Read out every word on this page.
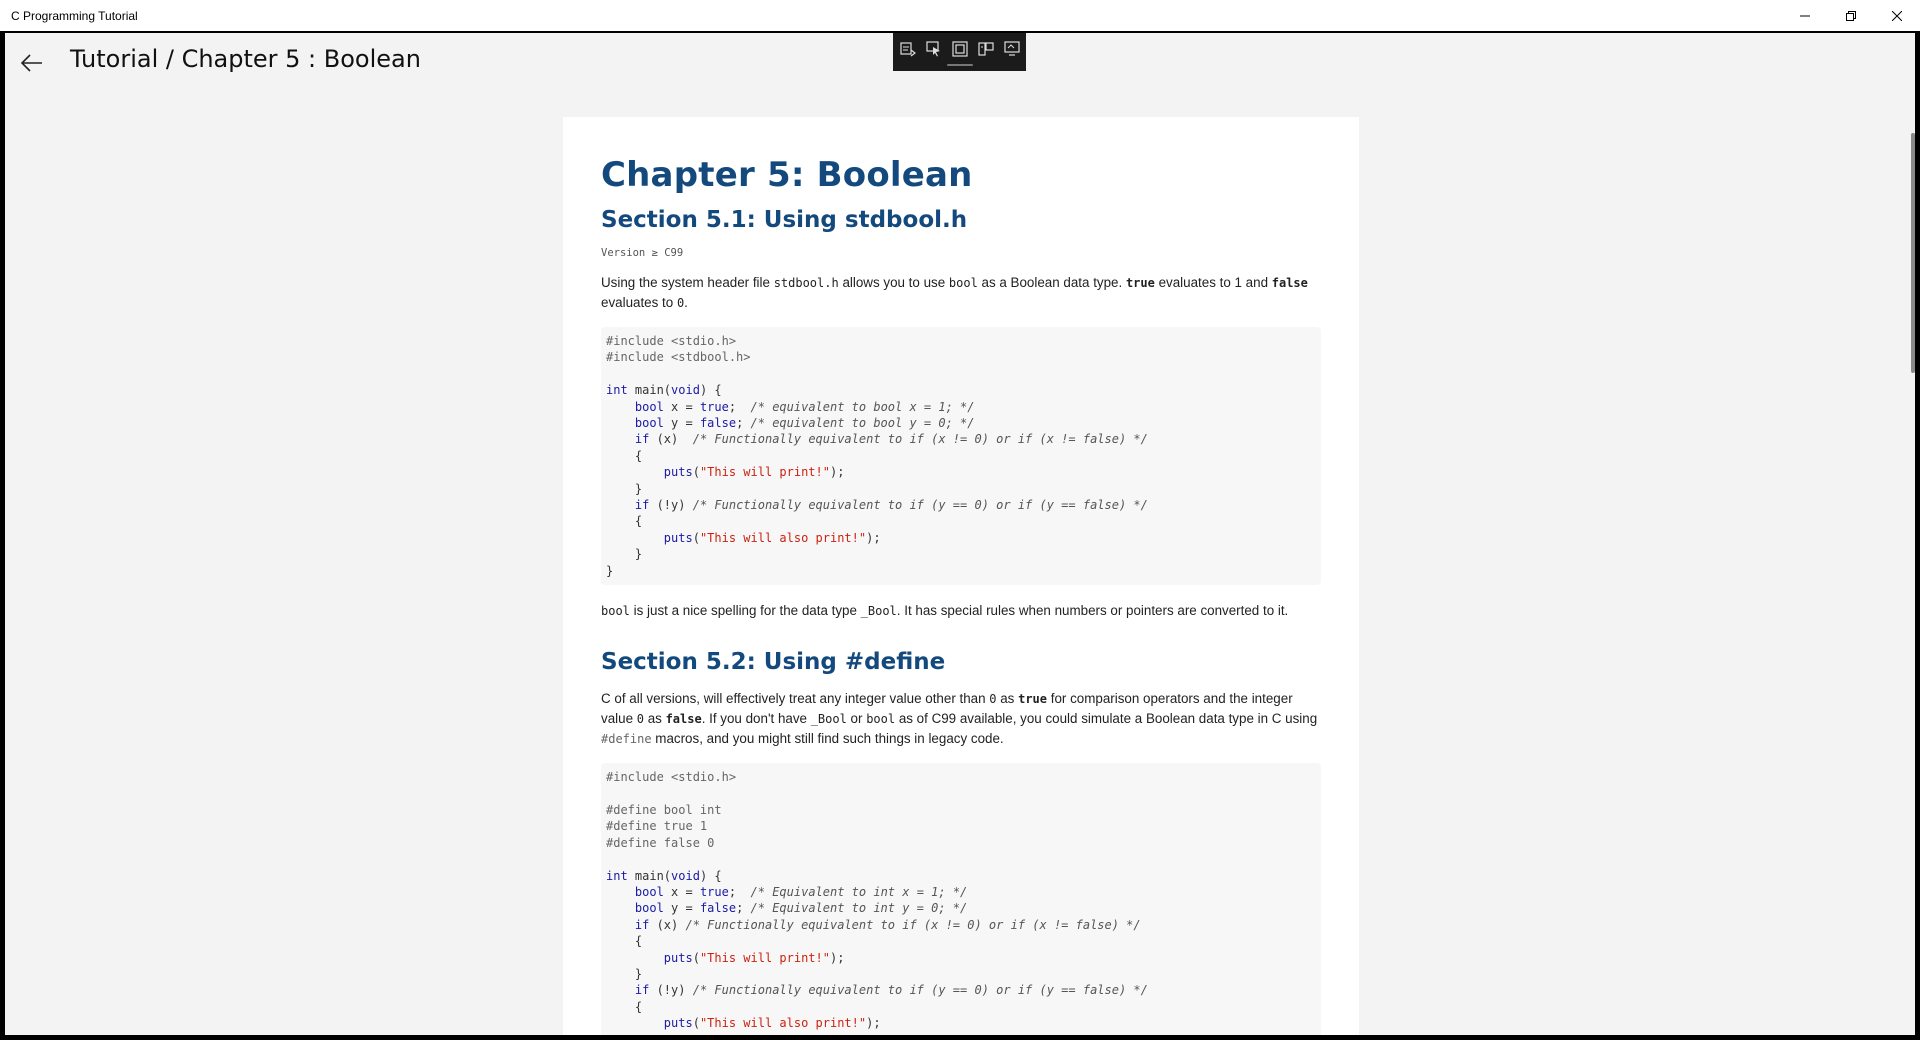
C Programming Tutorial
Tutorial / Chapter 5 : Boolean
Chapter 5: Boolean
Section 5.1: Using stdbool.h
Version ≥ C99

Using the system header file stdbool.h allows you to use bool as a Boolean data type. true evaluates to 1 and false evaluates to 0.

#include <stdio.h>
#include <stdbool.h>

int main(void) {
bool x = true;  /* equivalent to bool x = 1; */
bool y = false; /* equivalent to bool y = 0; */
if (x)  /* Functionally equivalent to if (x != 0) or if (x != false) */
{
puts("This will print!");
}
if (!y) /* Functionally equivalent to if (y == 0) or if (y == false) */
{
puts("This will also print!");
}
}

bool is just a nice spelling for the data type _Bool. It has special rules when numbers or pointers are converted to it.

Section 5.2: Using #define

C of all versions, will effectively treat any integer value other than 0 as true for comparison operators and the integer value 0 as false. If you don't have _Bool or bool as of C99 available, you could simulate a Boolean data type in C using #define macros, and you might still find such things in legacy code.

#include <stdio.h>

#define bool int
#define true 1
#define false 0

int main(void) {
bool x = true;  /* Equivalent to int x = 1; */
bool y = false; /* Equivalent to int y = 0; */
if (x) /* Functionally equivalent to if (x != 0) or if (x != false) */
{
puts("This will print!");
}
if (!y) /* Functionally equivalent to if (y == 0) or if (y == false) */
{
puts("This will also print!");
